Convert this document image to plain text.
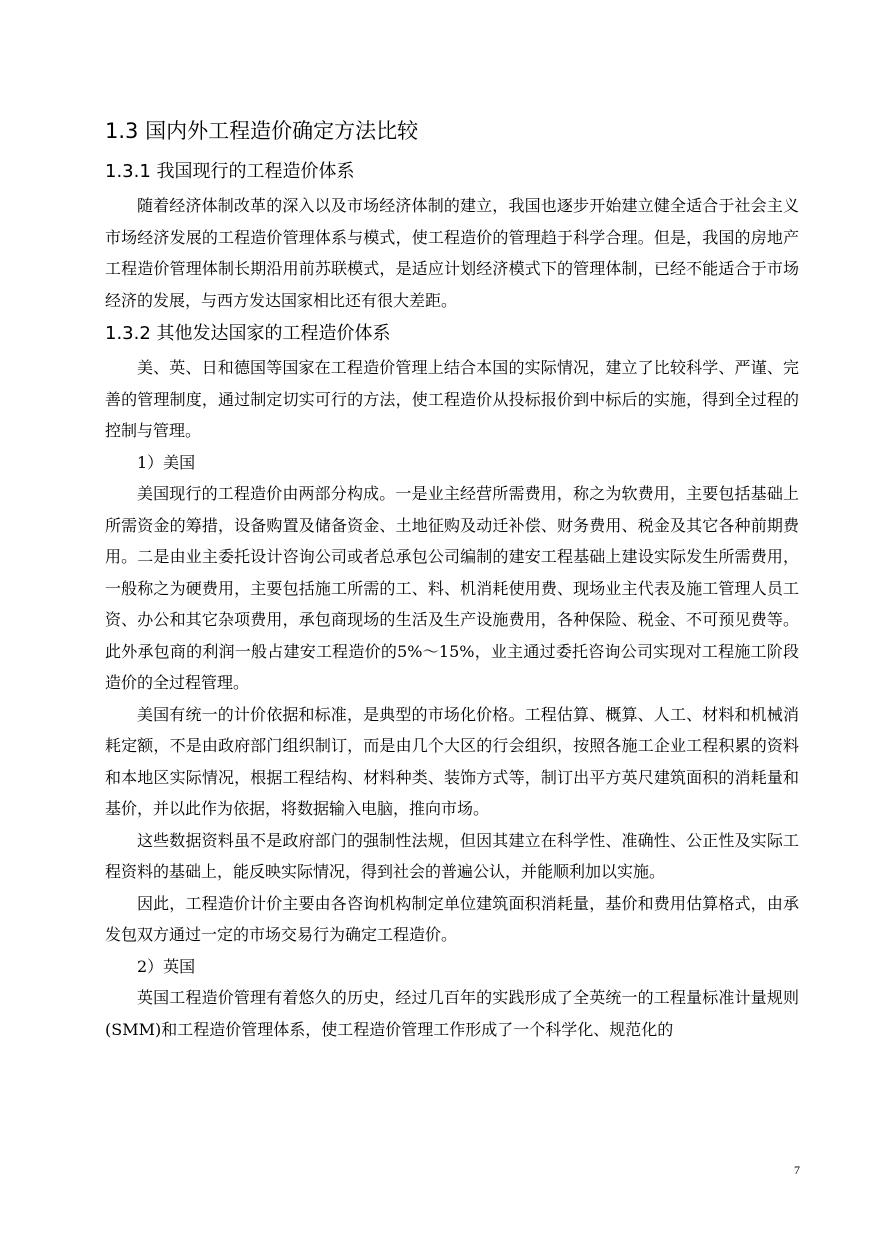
1.3 国内外工程造价确定方法比较
1.3.1 我国现行的工程造价体系

随着经济体制改革的深入以及市场经济体制的建立，我国也逐步开始建立健全适合于社会主义市场经济发展的工程造价管理体系与模式，使工程造价的管理趋于科学合理。但是，我国的房地产工程造价管理体制长期沿用前苏联模式，是适应计划经济模式下的管理体制，已经不能适合于市场经济的发展，与西方发达国家相比还有很大差距。

1.3.2 其他发达国家的工程造价体系

美、英、日和德国等国家在工程造价管理上结合本国的实际情况，建立了比较科学、严谨、完善的管理制度，通过制定切实可行的方法，使工程造价从投标报价到中标后的实施，得到全过程的控制与管理。

1）美国

美国现行的工程造价由两部分构成。一是业主经营所需费用，称之为软费用，主要包括基础上所需资金的筹措，设备购置及储备资金、土地征购及动迁补偿、财务费用、税金及其它各种前期费用。二是由业主委托设计咨询公司或者总承包公司编制的建安工程基础上建设实际发生所需费用，一般称之为硬费用，主要包括施工所需的工、料、机消耗使用费、现场业主代表及施工管理人员工资、办公和其它杂项费用，承包商现场的生活及生产设施费用，各种保险、税金、不可预见费等。此外承包商的利润一般占建安工程造价的5%～15%，业主通过委托咨询公司实现对工程施工阶段造价的全过程管理。

美国有统一的计价依据和标准，是典型的市场化价格。工程估算、概算、人工、材料和机械消耗定额，不是由政府部门组织制订，而是由几个大区的行会组织，按照各施工企业工程积累的资料和本地区实际情况，根据工程结构、材料种类、装饰方式等，制订出平方英尺建筑面积的消耗量和基价，并以此作为依据，将数据输入电脑，推向市场。

这些数据资料虽不是政府部门的强制性法规，但因其建立在科学性、准确性、公正性及实际工程资料的基础上，能反映实际情况，得到社会的普遍公认，并能顺利加以实施。

因此，工程造价计价主要由各咨询机构制定单位建筑面积消耗量，基价和费用估算格式，由承发包双方通过一定的市场交易行为确定工程造价。

2）英国

英国工程造价管理有着悠久的历史，经过几百年的实践形成了全英统一的工程量标准计量规则(SMM)和工程造价管理体系，使工程造价管理工作形成了一个科学化、规范化的

7
